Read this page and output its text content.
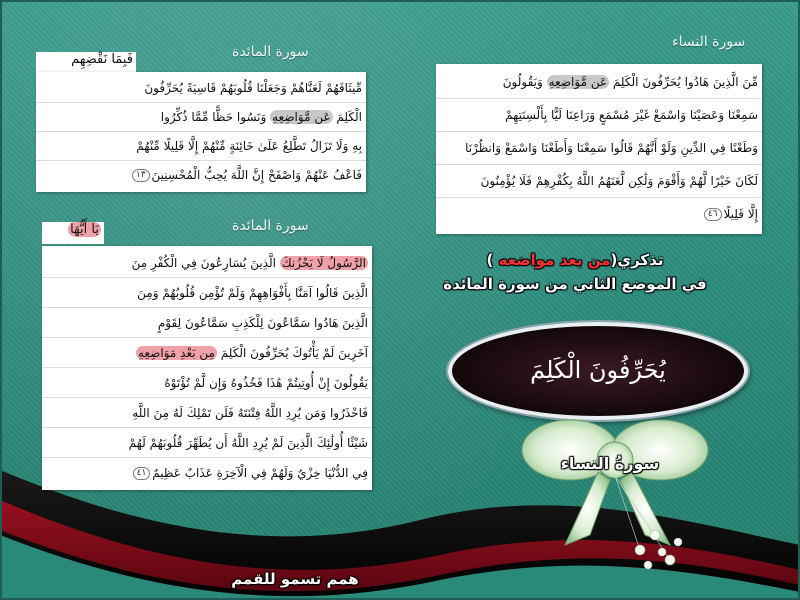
سورة المائدة
فَبِمَا نَقْضِهِم
مِّيثَاقَهُمْ لَعَنَّاهُمْ وَجَعَلْنَا قُلُوبَهُمْ قَاسِيَةً يُحَرِّفُونَ
الْكَلِمَ عَن مَّوَاضِعِهِ وَنَسُوا حَظًّا مِّمَّا ذُكِّرُوا
بِهِ وَلَا تَزَالُ تَطَّلِعُ عَلَىٰ خَائِنَةٍ مِّنْهُمْ إِلَّا قَلِيلًا مِّنْهُمْ
فَاعْفُ عَنْهُمْ وَاصْفَحْ إِنَّ اللَّهَ يُحِبُّ الْمُحْسِنِينَ١٣
سورة المائدة
يَا أَيُّهَا
الرَّسُولُ لَا يَحْزُنكَ الَّذِينَ يُسَارِعُونَ فِي الْكُفْرِ مِنَ
الَّذِينَ قَالُوا آمَنَّا بِأَفْوَاهِهِمْ وَلَمْ تُؤْمِن قُلُوبُهُمْ وَمِنَ
الَّذِينَ هَادُوا سَمَّاعُونَ لِلْكَذِبِ سَمَّاعُونَ لِقَوْمٍ
آخَرِينَ لَمْ يَأْتُوكَ يُحَرِّفُونَ الْكَلِمَ مِن بَعْدِ مَوَاضِعِهِ
يَقُولُونَ إِنْ أُوتِيتُمْ هَٰذَا فَخُذُوهُ وَإِن لَّمْ تُؤْتَوْهُ
فَاحْذَرُوا وَمَن يُرِدِ اللَّهُ فِتْنَتَهُ فَلَن تَمْلِكَ لَهُ مِنَ اللَّهِ
شَيْئًا أُولَٰئِكَ الَّذِينَ لَمْ يُرِدِ اللَّهُ أَن يُطَهِّرَ قُلُوبَهُمْ لَهُمْ
فِي الدُّنْيَا خِزْيٌ وَلَهُمْ فِي الْآخِرَةِ عَذَابٌ عَظِيمٌ٤١
سورة النساء
مِّنَ الَّذِينَ هَادُوا يُحَرِّفُونَ الْكَلِمَ عَن مَّوَاضِعِهِ وَيَقُولُونَ
سَمِعْنَا وَعَصَيْنَا وَاسْمَعْ غَيْرَ مُسْمَعٍ وَرَاعِنَا لَيًّا بِأَلْسِنَتِهِمْ
وَطَعْنًا فِي الدِّينِ وَلَوْ أَنَّهُمْ قَالُوا سَمِعْنَا وَأَطَعْنَا وَاسْمَعْ وَانظُرْنَا
لَكَانَ خَيْرًا لَّهُمْ وَأَقْوَمَ وَلَٰكِن لَّعَنَهُمُ اللَّهُ بِكُفْرِهِمْ فَلَا يُؤْمِنُونَ
إِلَّا قَلِيلًا٤٦
تذكري(من بعد مواضعه )
في الموضع الثاني من سورة المائدة
يُحَرِّفُونَ الْكَلِمَ
سورةُ النساء
همم تسمو للقمم
